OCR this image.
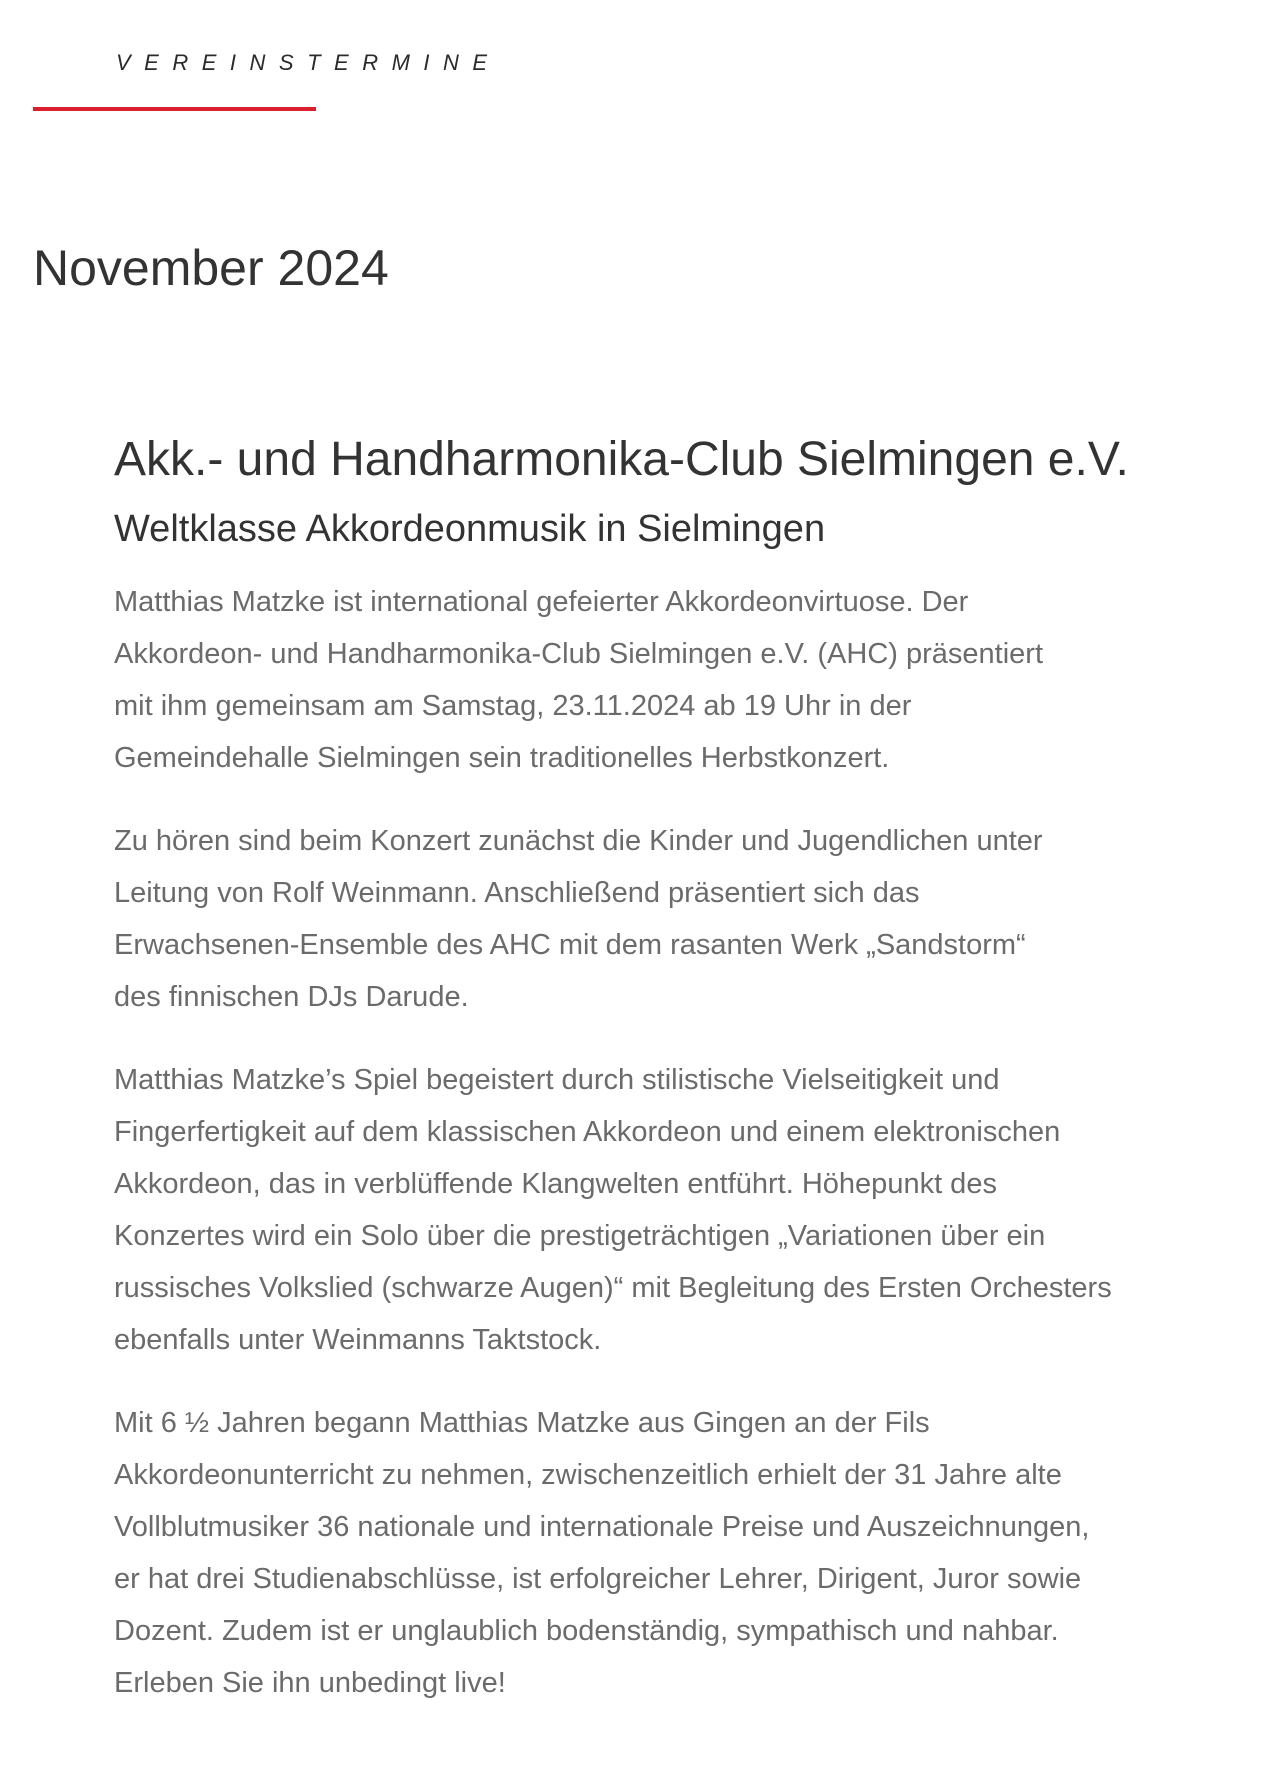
VEREINSTERMINE
November 2024
Akk.- und Handharmonika-Club Sielmingen e.V.
Weltklasse Akkordeonmusik in Sielmingen

Matthias Matzke ist international gefeierter Akkordeonvirtuose. Der
Akkordeon- und Handharmonika-Club Sielmingen e.V. (AHC) präsentiert
mit ihm gemeinsam am Samstag, 23.11.2024 ab 19 Uhr in der
Gemeindehalle Sielmingen sein traditionelles Herbstkonzert.

Zu hören sind beim Konzert zunächst die Kinder und Jugendlichen unter
Leitung von Rolf Weinmann. Anschließend präsentiert sich das
Erwachsenen-Ensemble des AHC mit dem rasanten Werk „Sandstorm“
des finnischen DJs Darude.

Matthias Matzke’s Spiel begeistert durch stilistische Vielseitigkeit und
Fingerfertigkeit auf dem klassischen Akkordeon und einem elektronischen
Akkordeon, das in verblüffende Klangwelten entführt. Höhepunkt des
Konzertes wird ein Solo über die prestigeträchtigen „Variationen über ein
russisches Volkslied (schwarze Augen)“ mit Begleitung des Ersten Orchesters
ebenfalls unter Weinmanns Taktstock.

Mit 6 ½ Jahren begann Matthias Matzke aus Gingen an der Fils
Akkordeonunterricht zu nehmen, zwischenzeitlich erhielt der 31 Jahre alte
Vollblutmusiker 36 nationale und internationale Preise und Auszeichnungen,
er hat drei Studienabschlüsse, ist erfolgreicher Lehrer, Dirigent, Juror sowie
Dozent. Zudem ist er unglaublich bodenständig, sympathisch und nahbar.
Erleben Sie ihn unbedingt live!
